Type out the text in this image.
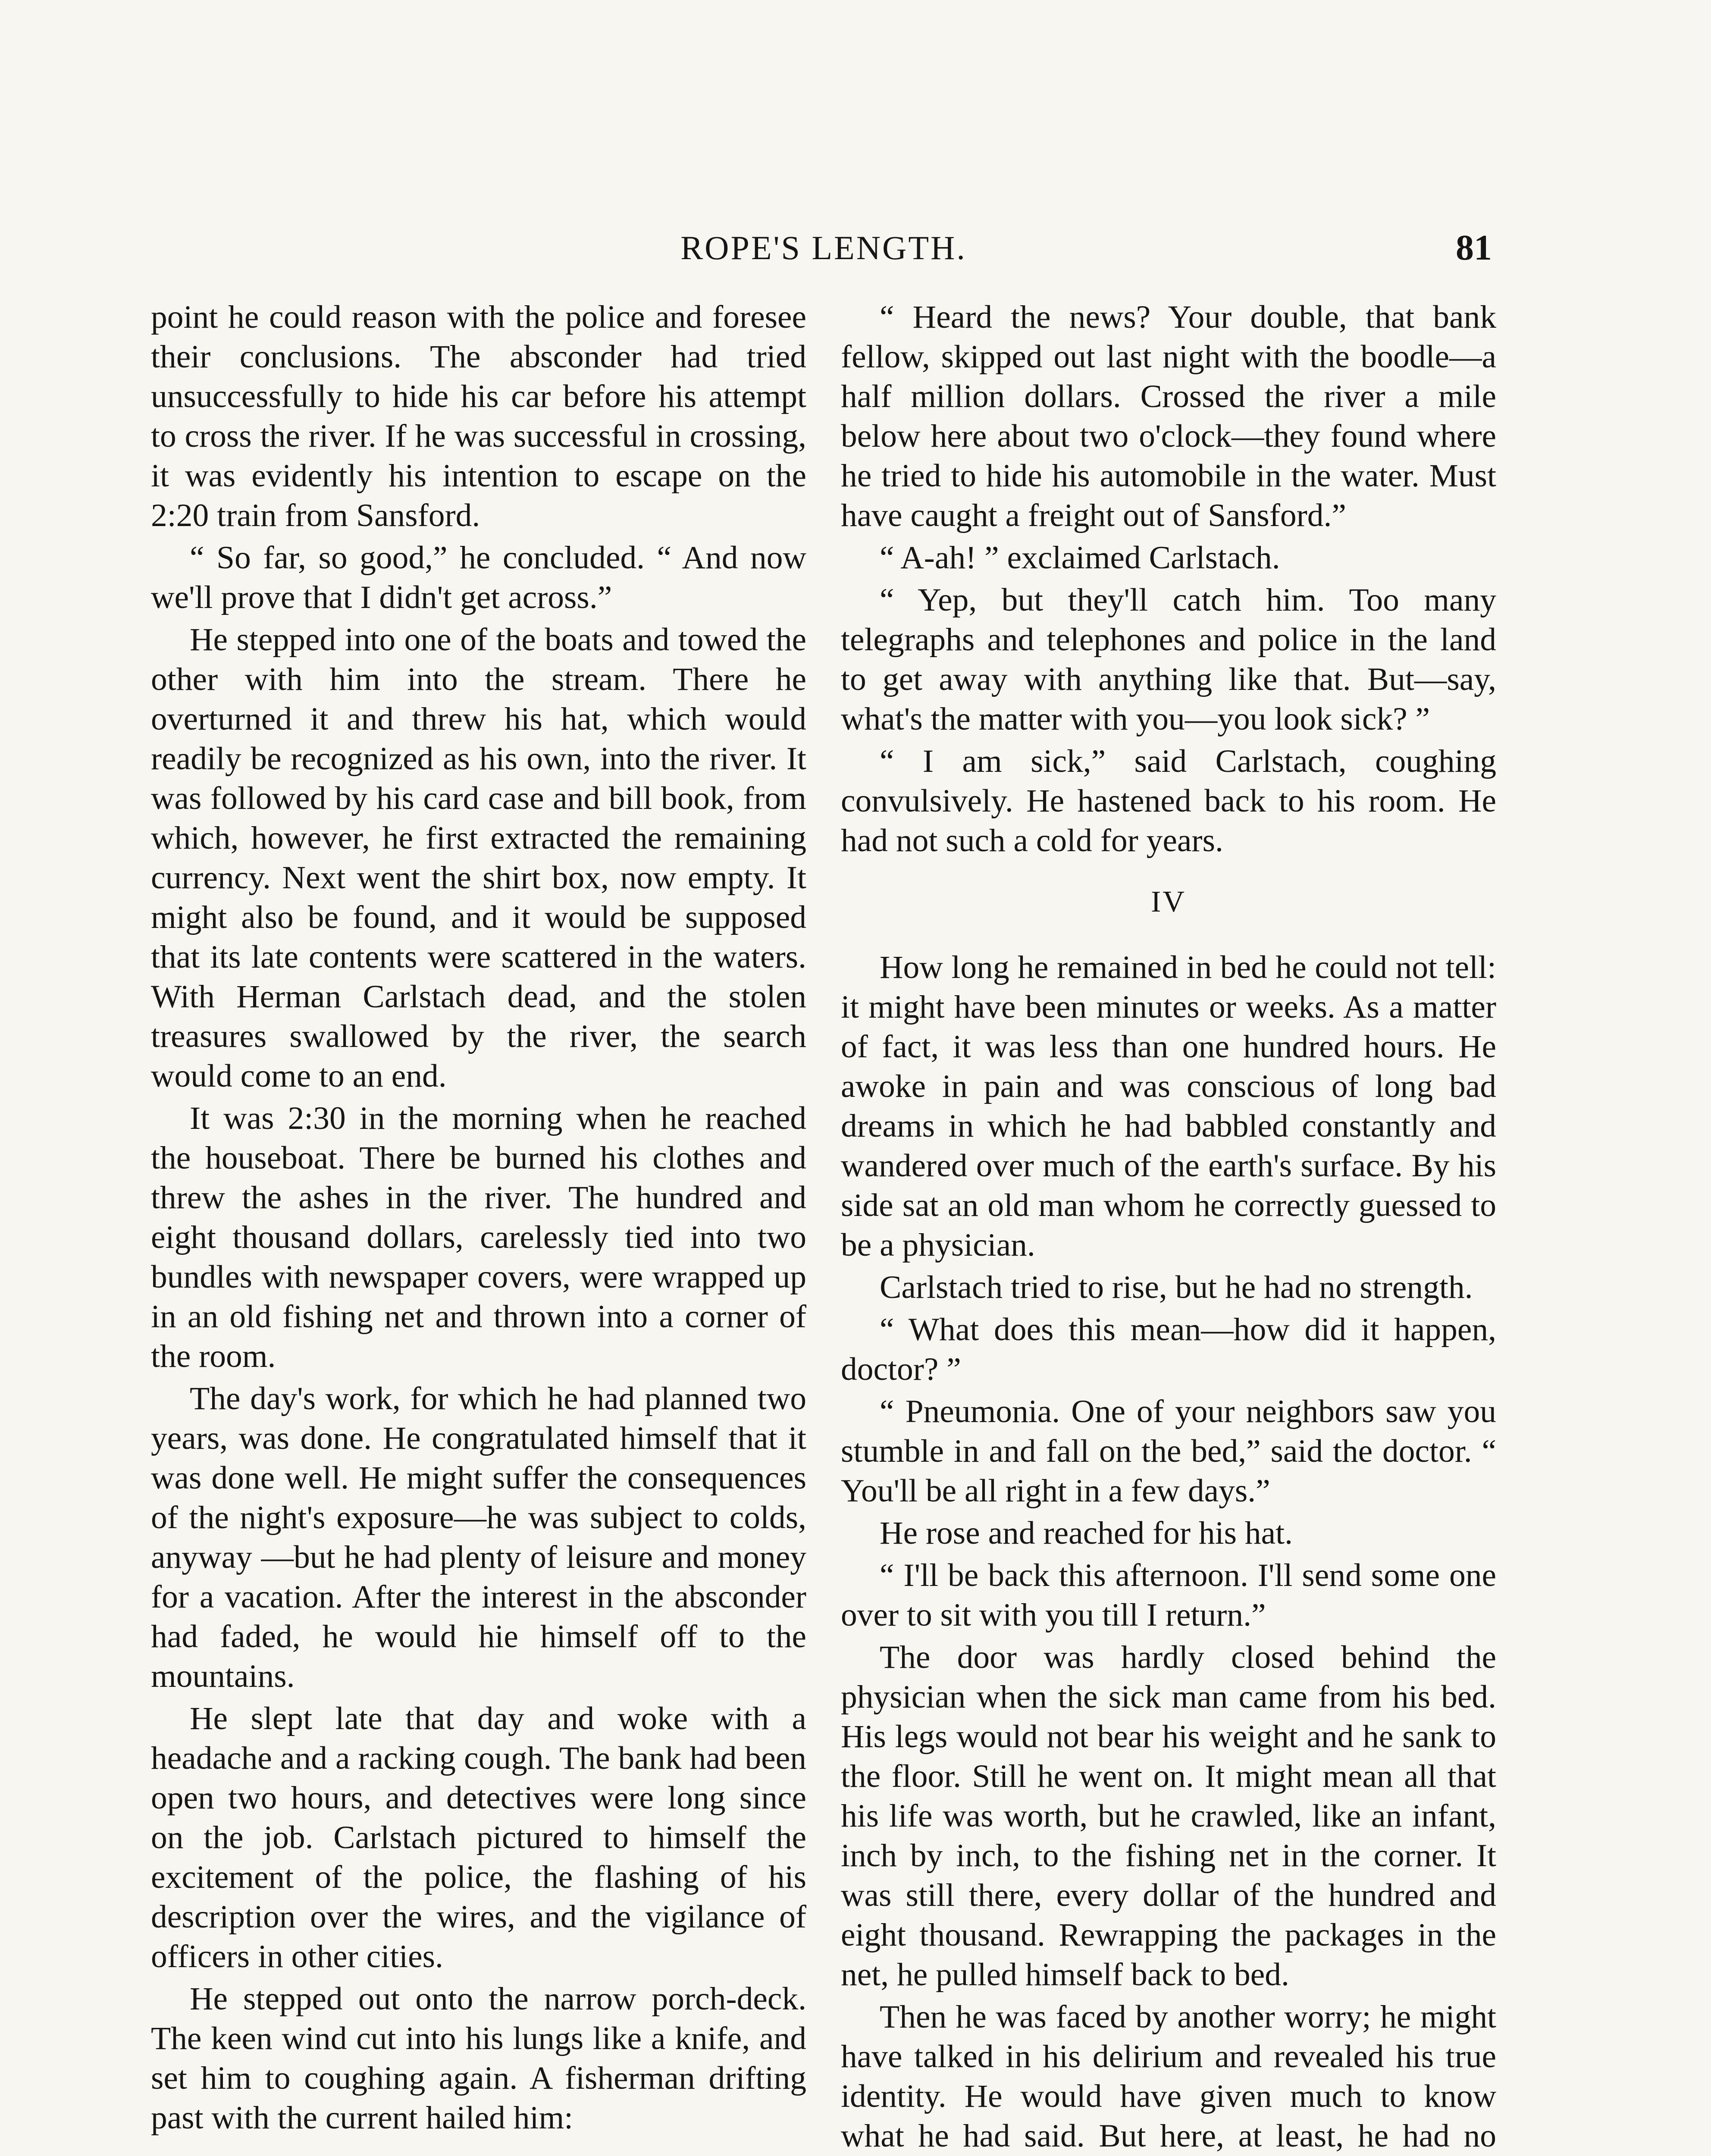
ROPE'S LENGTH.	81

point he could reason with the police and foresee their conclusions. The absconder had tried unsuccessfully to hide his car before his attempt to cross the river. If he was successful in crossing, it was evidently his intention to escape on the 2:20 train from Sansford.

“ So far, so good,” he concluded. “ And now we'll prove that I didn't get across.”

He stepped into one of the boats and towed the other with him into the stream. There he overturned it and threw his hat, which would readily be recognized as his own, into the river. It was followed by his card case and bill book, from which, however, he first extracted the remaining currency. Next went the shirt box, now empty. It might also be found, and it would be supposed that its late contents were scattered in the waters. With Herman Carlstach dead, and the stolen treasures swallowed by the river, the search would come to an end.

It was 2:30 in the morning when he reached the houseboat. There be burned his clothes and threw the ashes in the river. The hundred and eight thousand dollars, carelessly tied into two bundles with newspaper covers, were wrapped up in an old fishing net and thrown into a corner of the room.

The day's work, for which he had planned two years, was done. He congratulated himself that it was done well. He might suffer the consequences of the night's exposure—he was subject to colds, anyway —but he had plenty of leisure and money for a vacation. After the interest in the absconder had faded, he would hie himself off to the mountains.

He slept late that day and woke with a headache and a racking cough. The bank had been open two hours, and detectives were long since on the job. Carlstach pictured to himself the excitement of the police, the flashing of his description over the wires, and the vigilance of officers in other cities.

He stepped out onto the narrow porch-deck. The keen wind cut into his lungs like a knife, and set him to coughing again. A fisherman drifting past with the current hailed him:

“ Heard the news? Your double, that bank fellow, skipped out last night with the boodle—a half million dollars. Crossed the river a mile below here about two o'clock—they found where he tried to hide his automobile in the water. Must have caught a freight out of Sansford.”

“ A-ah! ” exclaimed Carlstach.

“ Yep, but they'll catch him. Too many telegraphs and telephones and police in the land to get away with anything like that. But—say, what's the matter with you—you look sick? ”

“ I am sick,” said Carlstach, coughing convulsively. He hastened back to his room. He had not such a cold for years.

IV

How long he remained in bed he could not tell: it might have been minutes or weeks. As a matter of fact, it was less than one hundred hours. He awoke in pain and was conscious of long bad dreams in which he had babbled constantly and wandered over much of the earth's surface. By his side sat an old man whom he correctly guessed to be a physician.

Carlstach tried to rise, but he had no strength.

“ What does this mean—how did it happen, doctor? ”

“ Pneumonia. One of your neighbors saw you stumble in and fall on the bed,” said the doctor. “ You'll be all right in a few days.”

He rose and reached for his hat.

“ I'll be back this afternoon. I'll send some one over to sit with you till I return.”

The door was hardly closed behind the physician when the sick man came from his bed. His legs would not bear his weight and he sank to the floor. Still he went on. It might mean all that his life was worth, but he crawled, like an infant, inch by inch, to the fishing net in the corner. It was still there, every dollar of the hundred and eight thousand. Rewrapping the packages in the net, he pulled himself back to bed.

Then he was faced by another worry; he might have talked in his delirium and revealed his true identity. He would have given much to know what he had said. But here, at least, he had no
